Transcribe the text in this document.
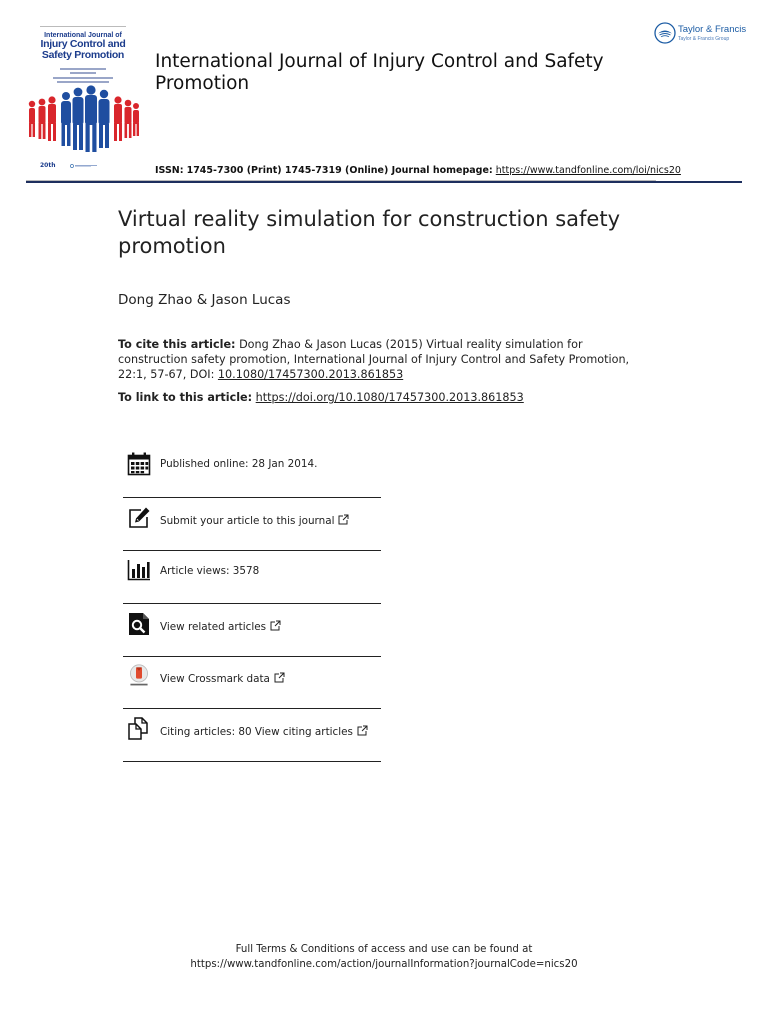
International Journal of
Injury Control and
Safety Promotion
20th
International Journal of Injury Control and Safety Promotion
Taylor & Francis
Taylor & Francis Group
ISSN: 1745-7300 (Print) 1745-7319 (Online) Journal homepage: https://www.tandfonline.com/loi/nics20
Virtual reality simulation for construction safety promotion
Dong Zhao & Jason Lucas
To cite this article: Dong Zhao & Jason Lucas (2015) Virtual reality simulation for construction safety promotion, International Journal of Injury Control and Safety Promotion, 22:1, 57-67, DOI: 10.1080/17457300.2013.861853
To link to this article: https://doi.org/10.1080/17457300.2013.861853
Published online: 28 Jan 2014.
Submit your article to this journal
Article views: 3578
View related articles
View Crossmark data
Citing articles: 80 View citing articles
Full Terms & Conditions of access and use can be found at
https://www.tandfonline.com/action/journalInformation?journalCode=nics20
